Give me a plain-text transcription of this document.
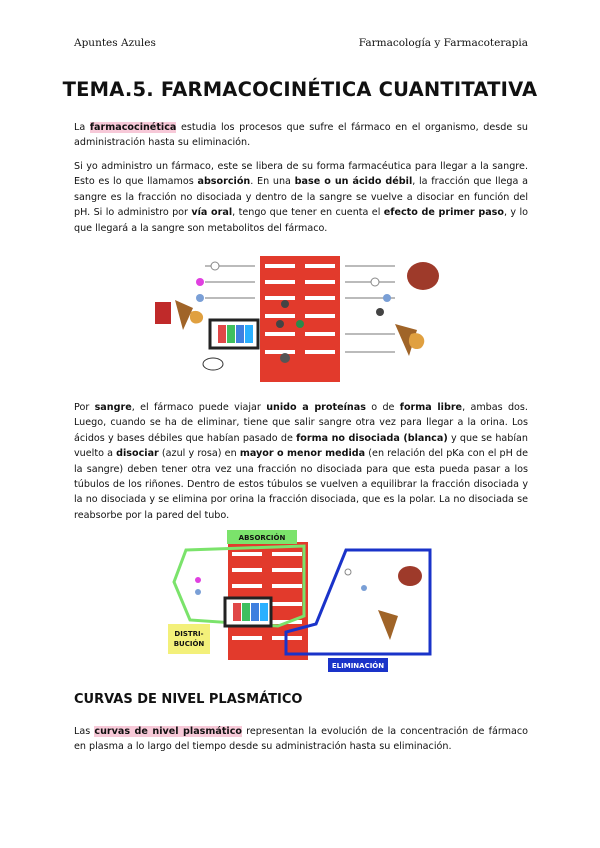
Apuntes Azules	Farmacología y Farmacoterapia
TEMA.5. FARMACOCINÉTICA CUANTITATIVA
La farmacocinética estudia los procesos que sufre el fármaco en el organismo, desde su administración hasta su eliminación.
Si yo administro un fármaco, este se libera de su forma farmacéutica para llegar a la sangre. Esto es lo que llamamos absorción. En una base o un ácido débil, la fracción que llega a sangre es la fracción no disociada y dentro de la sangre se vuelve a disociar en función del pH. Si lo administro por vía oral, tengo que tener en cuenta el efecto de primer paso, y lo que llegará a la sangre son metabolitos del fármaco.
Por sangre, el fármaco puede viajar unido a proteínas o de forma libre, ambas dos. Luego, cuando se ha de eliminar, tiene que salir sangre otra vez para llegar a la orina. Los ácidos y bases débiles que habían pasado de forma no disociada (blanca) y que se habían vuelto a disociar (azul y rosa) en mayor o menor medida (en relación del pKa con el pH de la sangre) deben tener otra vez una fracción no disociada para que esta pueda pasar a los túbulos de los riñones. Dentro de estos túbulos se vuelven a equilibrar la fracción disociada y la no disociada y se elimina por orina la fracción disociada, que es la polar. La no disociada se reabsorbe por la pared del tubo.
ABSORCIÓN
DISTRI-
BUCIÓN
ELIMINACIÓN
CURVAS DE NIVEL PLASMÁTICO
Las curvas de nivel plasmático representan la evolución de la concentración de fármaco en plasma a lo largo del tiempo desde su administración hasta su eliminación.
